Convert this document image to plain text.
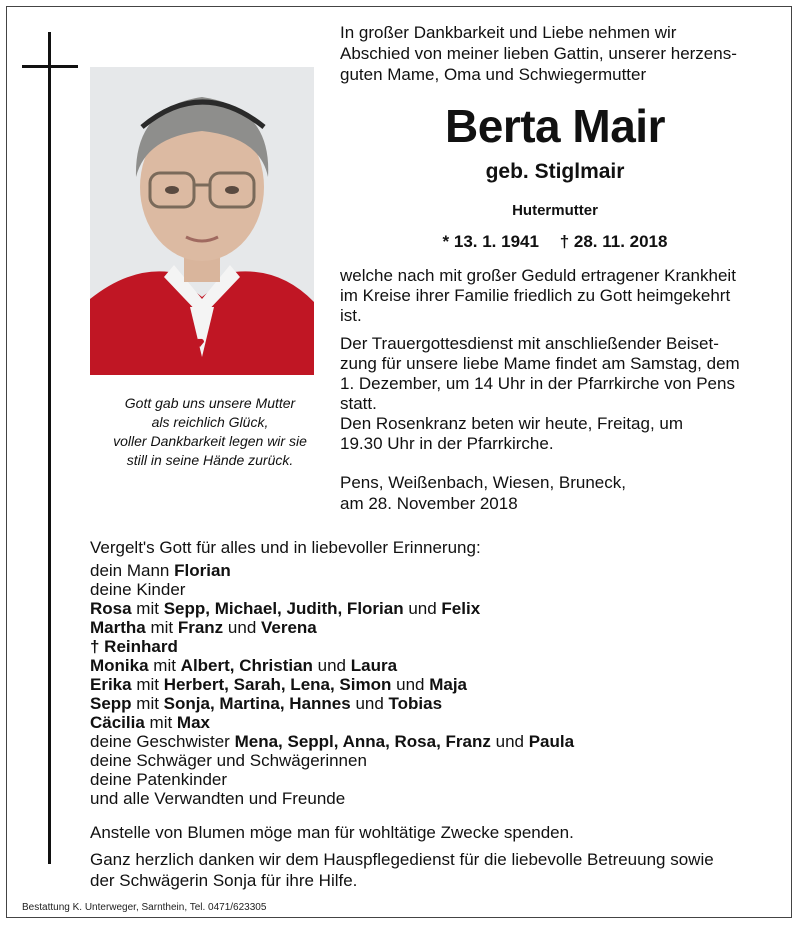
Gott gab uns unsere Mutter
als reichlich Glück,
voller Dankbarkeit legen wir sie
still in seine Hände zurück.
In großer Dankbarkeit und Liebe nehmen wir
Abschied von meiner lieben Gattin, unserer herzens-
guten Mame, Oma und Schwiegermutter
Berta Mair
geb. Stiglmair
Hutermutter
* 13. 1. 1941 † 28. 11. 2018
welche nach mit großer Geduld ertragener Krankheit
im Kreise ihrer Familie friedlich zu Gott heimgekehrt
ist.
Der Trauergottesdienst mit anschließender Beiset-
zung für unsere liebe Mame findet am Samstag, dem
1. Dezember, um 14 Uhr in der Pfarrkirche von Pens
statt.
Den Rosenkranz beten wir heute, Freitag, um
19.30 Uhr in der Pfarrkirche.
Pens, Weißenbach, Wiesen, Bruneck,
am 28. November 2018
Vergelt's Gott für alles und in liebevoller Erinnerung:
dein Mann Florian
deine Kinder
Rosa mit Sepp, Michael, Judith, Florian und Felix
Martha mit Franz und Verena
† Reinhard
Monika mit Albert, Christian und Laura
Erika mit Herbert, Sarah, Lena, Simon und Maja
Sepp mit Sonja, Martina, Hannes und Tobias
Cäcilia mit Max
deine Geschwister Mena, Seppl, Anna, Rosa, Franz und Paula
deine Schwäger und Schwägerinnen
deine Patenkinder
und alle Verwandten und Freunde
Anstelle von Blumen möge man für wohltätige Zwecke spenden.
Ganz herzlich danken wir dem Hauspflegedienst für die liebevolle Betreuung sowie
der Schwägerin Sonja für ihre Hilfe.
Bestattung K. Unterweger, Sarnthein, Tel. 0471/623305
